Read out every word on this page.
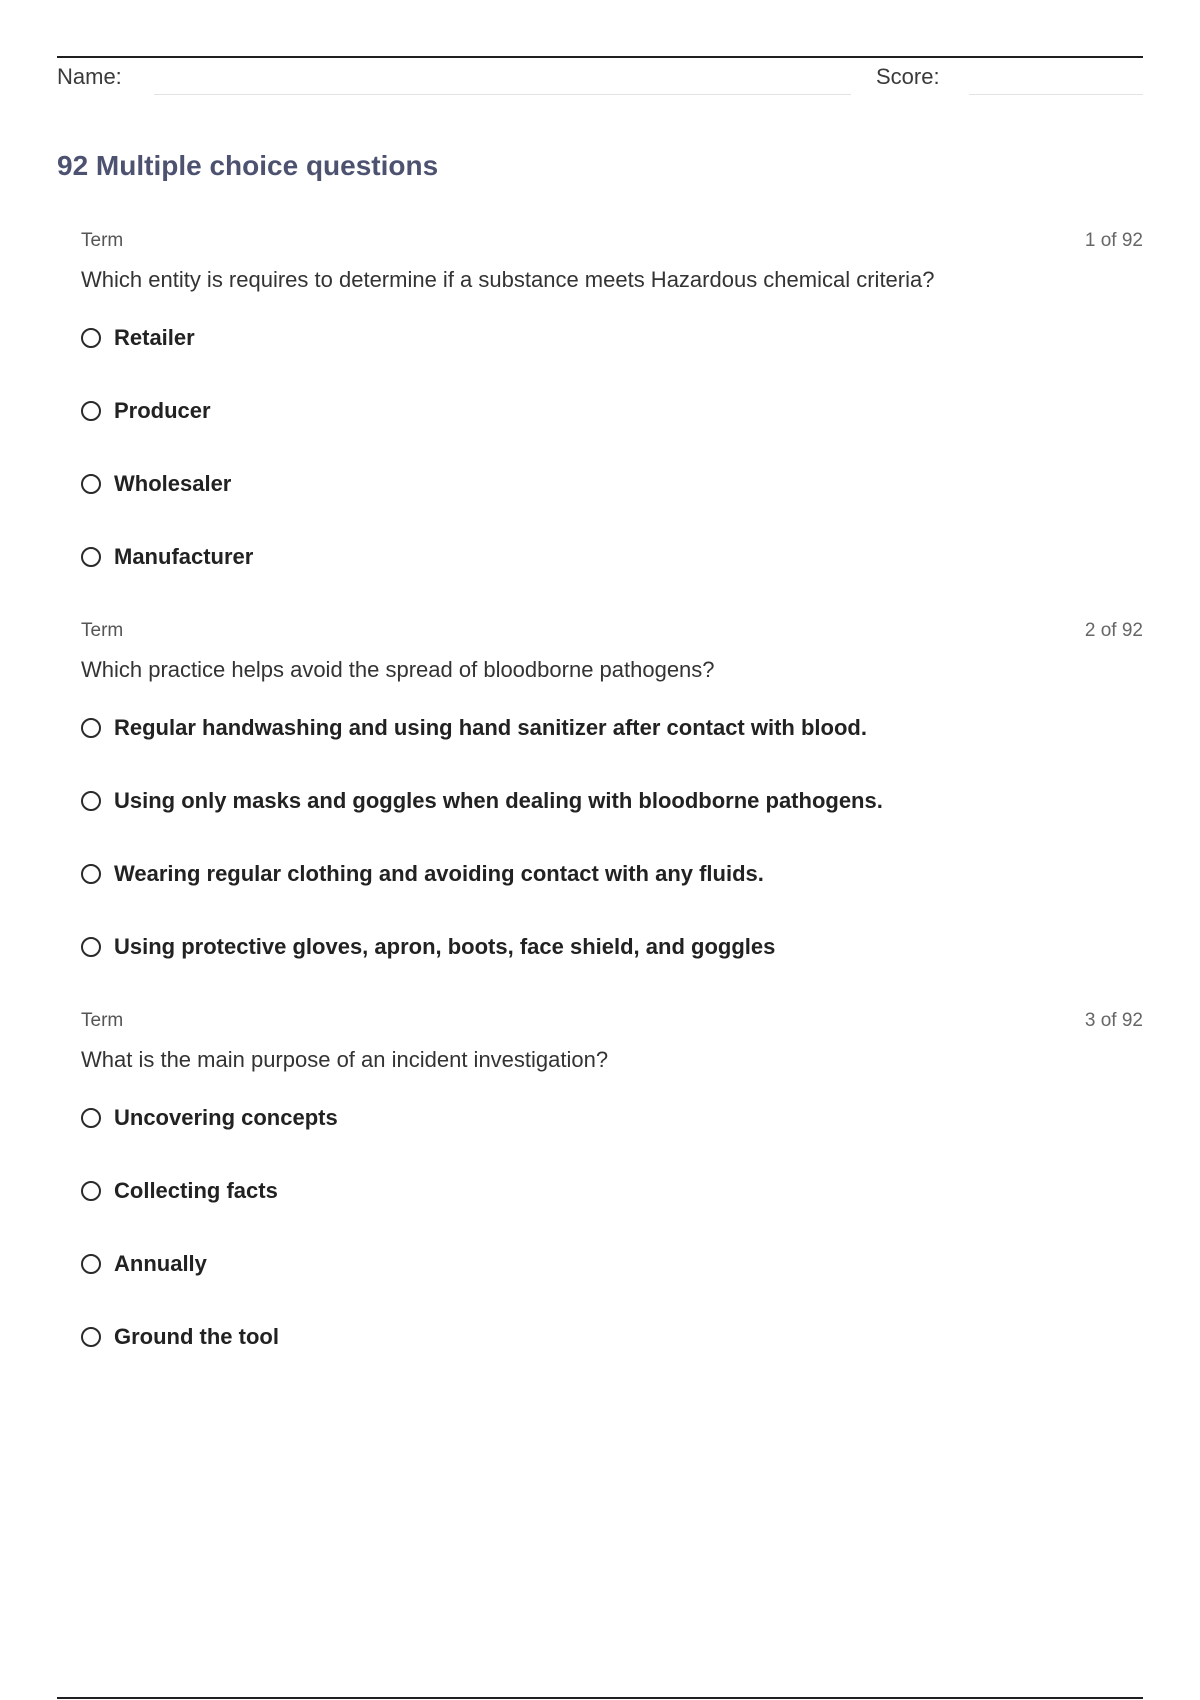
Name:	Score:
92 Multiple choice questions
Term	1 of 92
Which entity is requires to determine if a substance meets Hazardous chemical criteria?
Retailer
Producer
Wholesaler
Manufacturer
Term	2 of 92
Which practice helps avoid the spread of bloodborne pathogens?
Regular handwashing and using hand sanitizer after contact with blood.
Using only masks and goggles when dealing with bloodborne pathogens.
Wearing regular clothing and avoiding contact with any fluids.
Using protective gloves, apron, boots, face shield, and goggles
Term	3 of 92
What is the main purpose of an incident investigation?
Uncovering concepts
Collecting facts
Annually
Ground the tool
